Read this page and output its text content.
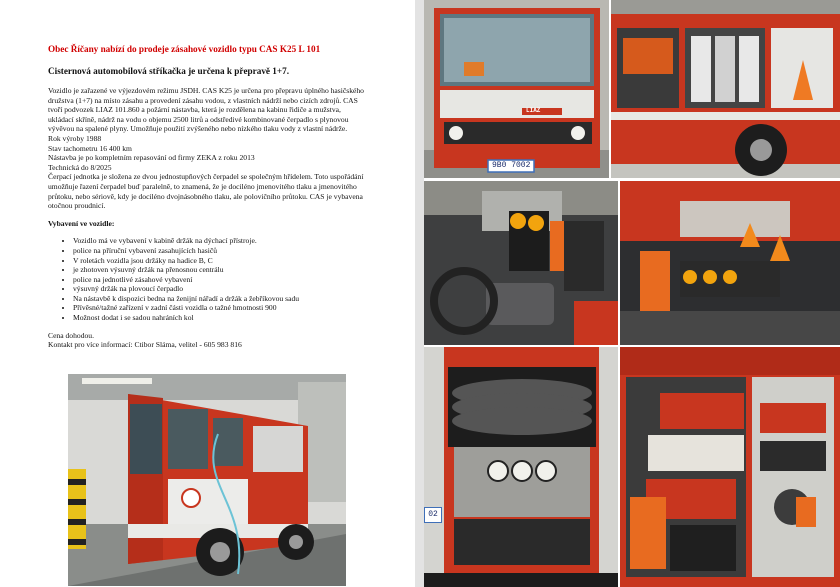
Obec Říčany nabízí do prodeje zásahové vozidlo typu CAS K25 L 101

Cisternová automobilová stříkačka je určena k přepravě 1+7.

Vozidlo je zařazené ve výjezdovém režimu JSDH. CAS K25 je určena pro přepravu úplného hasičského družstva (1+7) na místo zásahu a provedení zásahu vodou, z vlastních nádrží nebo cizích zdrojů. CAS tvoří podvozek LIAZ 101.860 a požární nástavba, která je rozdělena na kabinu řidiče a mužstva, ukládací skříně, nádrž na vodu o objemu 2500 litrů a odstředivé kombinované čerpadlo s plynovou vývěvou na spalené plyny. Umožňuje použití zvýšeného nebo nízkého tlaku vody z vlastní nádrže.

Rok výroby 1988

Stav tachometru 16 400 km

Nástavba je po kompletním repasování od firmy ZEKA z roku 2013

Technická do 8/2025

Čerpací jednotka je složena ze dvou jednostupňových čerpadel se společným hřídelem. Toto uspořádání umožňuje řazení čerpadel buď paralelně, to znamená, že je dociléno jmenovitého tlaku a jmenovitého průtoku, nebo sériově, kdy je dociléno dvojnásobného tlaku, ale polovičního průtoku. CAS je vybavena otočnou proudnicí.

Vybavení ve vozidle:

• Vozidlo má ve vybavení v kabině držák na dýchací přístroje.
• police na příruční vybavení zasahujících hasičů
• V roletách vozidla jsou držáky na hadice B, C
• je zhotoven výsuvný držák na přenosnou centrálu
• police na jednotlivé zásahové vybavení
• výsuvný držák na plovoucí čerpadlo
• Na nástavbě k dispozici bedna na ženijní nářadí a držák a žebříkovou sadu
• Přívěsné/tažné zařízení v zadní části vozidla o tažné hmotnosti 900
• Možnost dodat i se sadou nahráních kol

Cena dohodou.

Kontakt pro více informací: Ctibor Sláma, velitel - 605 983 816

9B0 7002
LIAZ
02
